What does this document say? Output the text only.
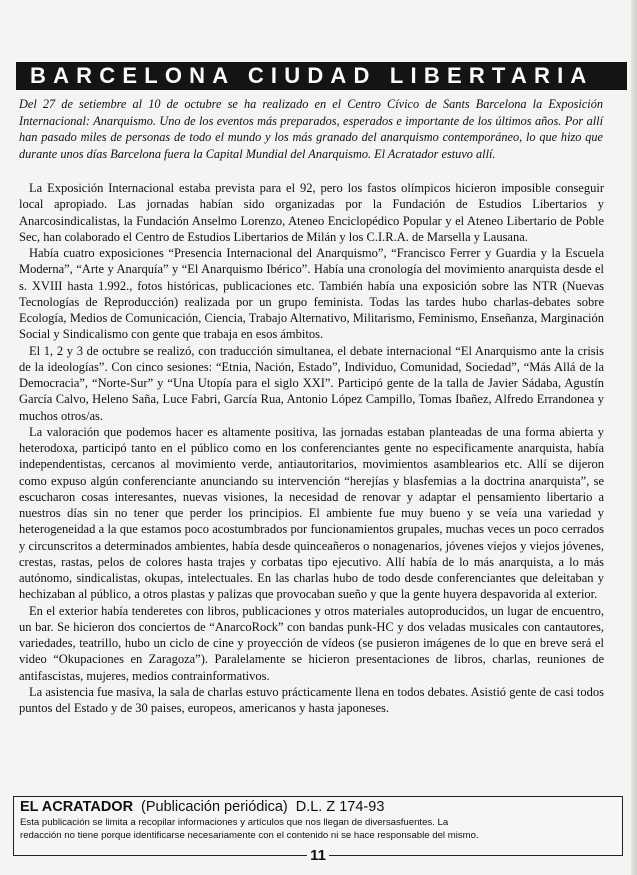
BARCELONA CIUDAD LIBERTARIA

Del 27 de setiembre al 10 de octubre se ha realizado en el Centro Cívico de Sants Barcelona la Exposición Internacional: Anarquismo. Uno de los eventos más preparados, esperados e importante de los últimos años. Por allí han pasado miles de personas de todo el mundo y los más granado del anarquismo contemporáneo, lo que hizo que durante unos días Barcelona fuera la Capital Mundial del Anarquismo. El Acratador estuvo allí.

La Exposición Internacional estaba prevista para el 92, pero los fastos olímpicos hicieron imposible conseguir local apropiado. Las jornadas habían sido organizadas por la Fundación de Estudios Libertarios y Anarcosindicalistas, la Fundación Anselmo Lorenzo, Ateneo Enciclopédico Popular y el Ateneo Libertario de Poble Sec, han colaborado el Centro de Estudios Libertarios de Milán y los C.I.R.A. de Marsella y Lausana.

Había cuatro exposiciones “Presencia Internacional del Anarquismo”, “Francisco Ferrer y Guardia y la Escuela Moderna”, “Arte y Anarquía” y “El Anarquismo Ibérico”. Había una cronología del movimiento anarquista desde el s. XVIII hasta 1.992., fotos históricas, publicaciones etc. También había una exposición sobre las NTR (Nuevas Tecnologías de Reproducción) realizada por un grupo feminista. Todas las tardes hubo charlas-debates sobre Ecología, Medios de Comunicación, Ciencia, Trabajo Alternativo, Militarismo, Feminismo, Enseñanza, Marginación Social y Sindicalismo con gente que trabaja en esos ámbitos.

El 1, 2 y 3 de octubre se realizó, con traducción simultanea, el debate internacional “El Anarquismo ante la crisis de la ideologías”. Con cinco sesiones: “Etnia, Nación, Estado”, Individuo, Comunidad, Sociedad”, “Más Allá de la Democracia”, “Norte-Sur” y “Una Utopía para el siglo XXI”. Participó gente de la talla de Javier Sádaba, Agustín García Calvo, Heleno Saña, Luce Fabri, García Rua, Antonio López Campillo, Tomas Ibañez, Alfredo Errandonea y muchos otros/as.

La valoración que podemos hacer es altamente positiva, las jornadas estaban planteadas de una forma abierta y heterodoxa, participó tanto en el público como en los conferenciantes gente no especificamente anarquista, había independentistas, cercanos al movimiento verde, antiautoritarios, movimientos asamblearios etc. Allí se dijeron como expuso algún conferenciante anunciando su intervención “herejías y blasfemias a la doctrina anarquista”, se escucharon cosas interesantes, nuevas visiones, la necesidad de renovar y adaptar el pensamiento libertario a nuestros días sin no tener que perder los principios. El ambiente fue muy bueno y se veía una variedad y heterogeneidad a la que estamos poco acostumbrados por funcionamientos grupales, muchas veces un poco cerrados y circunscritos a determinados ambientes, había desde quinceañeros o nonagenarios, jóvenes viejos y viejos jóvenes, crestas, rastas, pelos de colores hasta trajes y corbatas tipo ejecutivo. Allí había de lo más anarquista, a lo más autónomo, sindicalistas, okupas, intelectuales. En las charlas hubo de todo desde conferenciantes que deleitaban y hechizaban al público, a otros plastas y palizas que provocaban sueño y que la gente huyera despavorida al exterior.

En el exterior había tenderetes con libros, publicaciones y otros materiales autoproducidos, un lugar de encuentro, un bar. Se hicieron dos conciertos de “AnarcoRock” con bandas punk-HC y dos veladas musicales con cantautores, variedades, teatrillo, hubo un ciclo de cine y proyección de vídeos (se pusieron imágenes de lo que en breve será el video “Okupaciones en Zaragoza”). Paralelamente se hicieron presentaciones de libros, charlas, reuniones de antifascistas, mujeres, medios contrainformativos.

La asistencia fue masiva, la sala de charlas estuvo prácticamente llena en todos debates. Asistió gente de casi todos puntos del Estado y de 30 paises, europeos, americanos y hasta japoneses.

EL ACRATADOR (Publicación periódica) D.L. Z 174-93
Esta publicación se limita a recopilar informaciones y artículos que nos llegan de diversasfuentes. La
redacción no tiene porque identificarse necesariamente con el contenido ni se hace responsable del mismo.
11
